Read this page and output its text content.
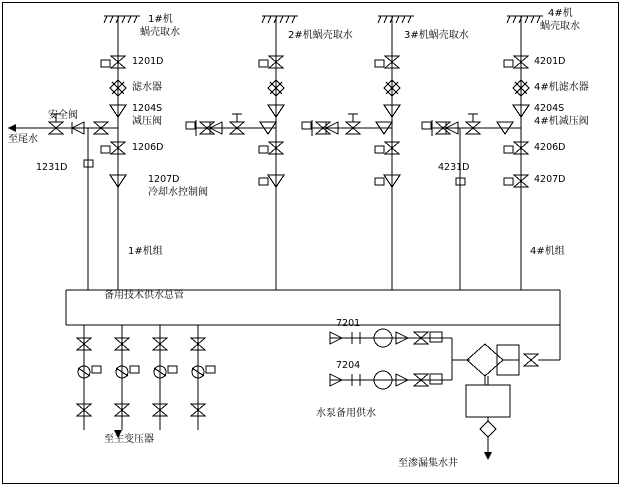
1#机
蜗壳取水
1201D
滤水器
1204S
减压阀
1206D
1207D
冷却水控制阀
安全阀
至尾水
1231D
1#机组
2#机蜗壳取水	3#机蜗壳取水
4#机
蜗壳取水
4201D
4#机滤水器
4204S
4#机减压阀
4206D
4207D
4231D
4#机组
备用技术供水总管
至主变压器
7201
7204
水泵备用供水
至渗漏集水井
